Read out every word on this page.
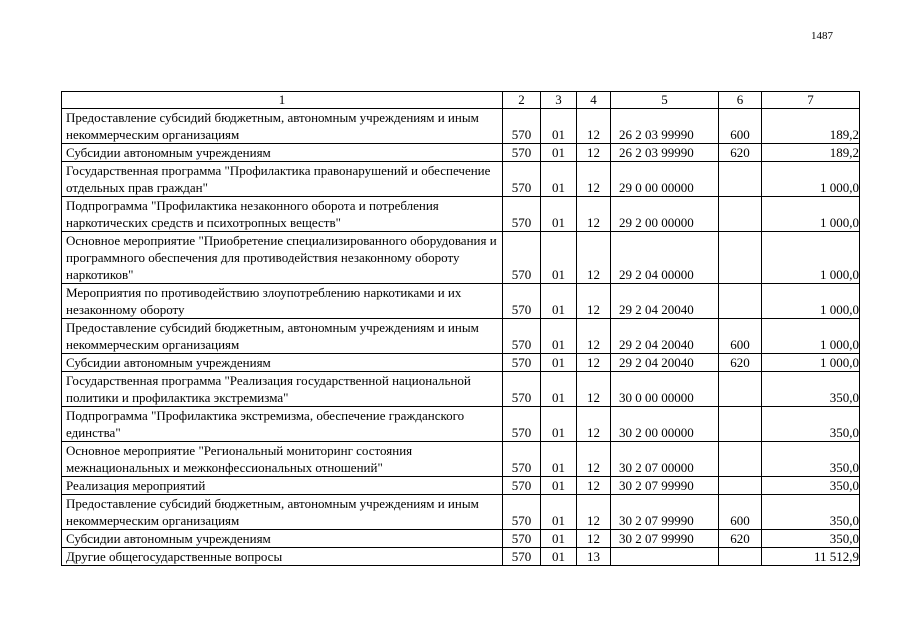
1487
1	2	3	4	5	6	7
Предоставление субсидий бюджетным, автономным учреждениям и иным некоммерческим организациям	570	01	12	26 2 03 99990	600	189,2
Субсидии автономным учреждениям	570	01	12	26 2 03 99990	620	189,2
Государственная программа "Профилактика правонарушений и обеспечение отдельных прав граждан"	570	01	12	29 0 00 00000		1 000,0
Подпрограмма "Профилактика незаконного оборота и потребления наркотических средств и психотропных веществ"	570	01	12	29 2 00 00000		1 000,0
Основное мероприятие "Приобретение специализированного оборудования и программного обеспечения для противодействия незаконному обороту наркотиков"	570	01	12	29 2 04 00000		1 000,0
Мероприятия по противодействию злоупотреблению наркотиками и их незаконному обороту	570	01	12	29 2 04 20040		1 000,0
Предоставление субсидий бюджетным, автономным учреждениям и иным некоммерческим организациям	570	01	12	29 2 04 20040	600	1 000,0
Субсидии автономным учреждениям	570	01	12	29 2 04 20040	620	1 000,0
Государственная программа "Реализация государственной национальной политики и профилактика экстремизма"	570	01	12	30 0 00 00000		350,0
Подпрограмма "Профилактика экстремизма, обеспечение гражданского единства"	570	01	12	30 2 00 00000		350,0
Основное мероприятие "Региональный мониторинг состояния межнациональных и межконфессиональных отношений"	570	01	12	30 2 07 00000		350,0
Реализация мероприятий	570	01	12	30 2 07 99990		350,0
Предоставление субсидий бюджетным, автономным учреждениям и иным некоммерческим организациям	570	01	12	30 2 07 99990	600	350,0
Субсидии автономным учреждениям	570	01	12	30 2 07 99990	620	350,0
Другие общегосударственные вопросы	570	01	13			11 512,9
